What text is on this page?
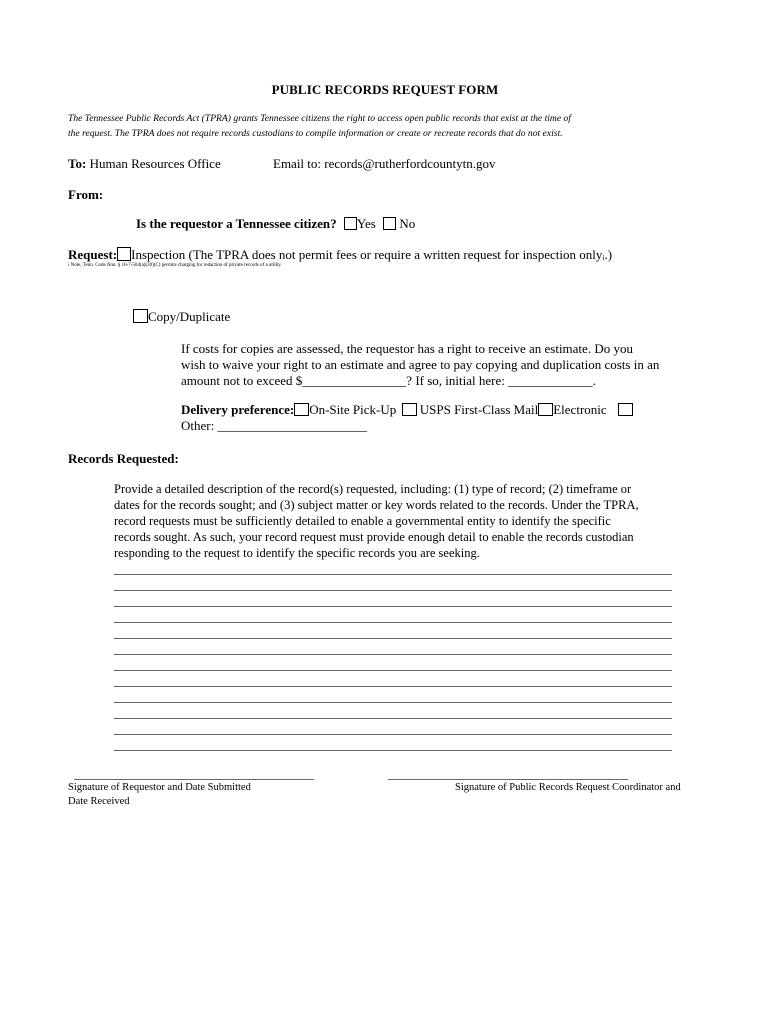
PUBLIC RECORDS REQUEST FORM
The Tennessee Public Records Act (TPRA) grants Tennessee citizens the right to access open public records that exist at the time of
the request. The TPRA does not require records custodians to compile information or create or recreate records that do not exist.
To: Human Resources Office	Email to: records@rutherfordcountytn.gov
From:
Is the requestor a Tennessee citizen? Yes No
Request: Inspection (The TPRA does not permit fees or require a written request for inspection onlyᵢ.)
i Note, Tenn. Code Ann. § 10-7-504(a)(20)(C) permits charging for redaction of private records of a utility.
Copy/Duplicate
If costs for copies are assessed, the requestor has a right to receive an estimate. Do you
wish to waive your right to an estimate and agree to pay copying and duplication costs in an
amount not to exceed $________________? If so, initial here: _____________.
Delivery preference: On-Site Pick-Up USPS First-Class Mail Electronic
Other: _______________________
Records Requested:
Provide a detailed description of the record(s) requested, including: (1) type of record; (2) timeframe or
dates for the records sought; and (3) subject matter or key words related to the records. Under the TPRA,
record requests must be sufficiently detailed to enable a governmental entity to identify the specific
records sought. As such, your record request must provide enough detail to enable the records custodian
responding to the request to identify the specific records you are seeking.
_____________________________________________________________________________________________
_____________________________________________________________________________________________
_____________________________________________________________________________________________
_____________________________________________________________________________________________
_____________________________________________________________________________________________
_____________________________________________________________________________________________
_____________________________________________________________________________________________
_____________________________________________________________________________________________
_____________________________________________________________________________________________
_____________________________________________________________________________________________
_____________________________________________________________________________________________
_____________________________________________________________________________________________
________________________________________	________________________________________
Signature of Requestor and Date Submitted	Signature of Public Records Request Coordinator and
Date Received
